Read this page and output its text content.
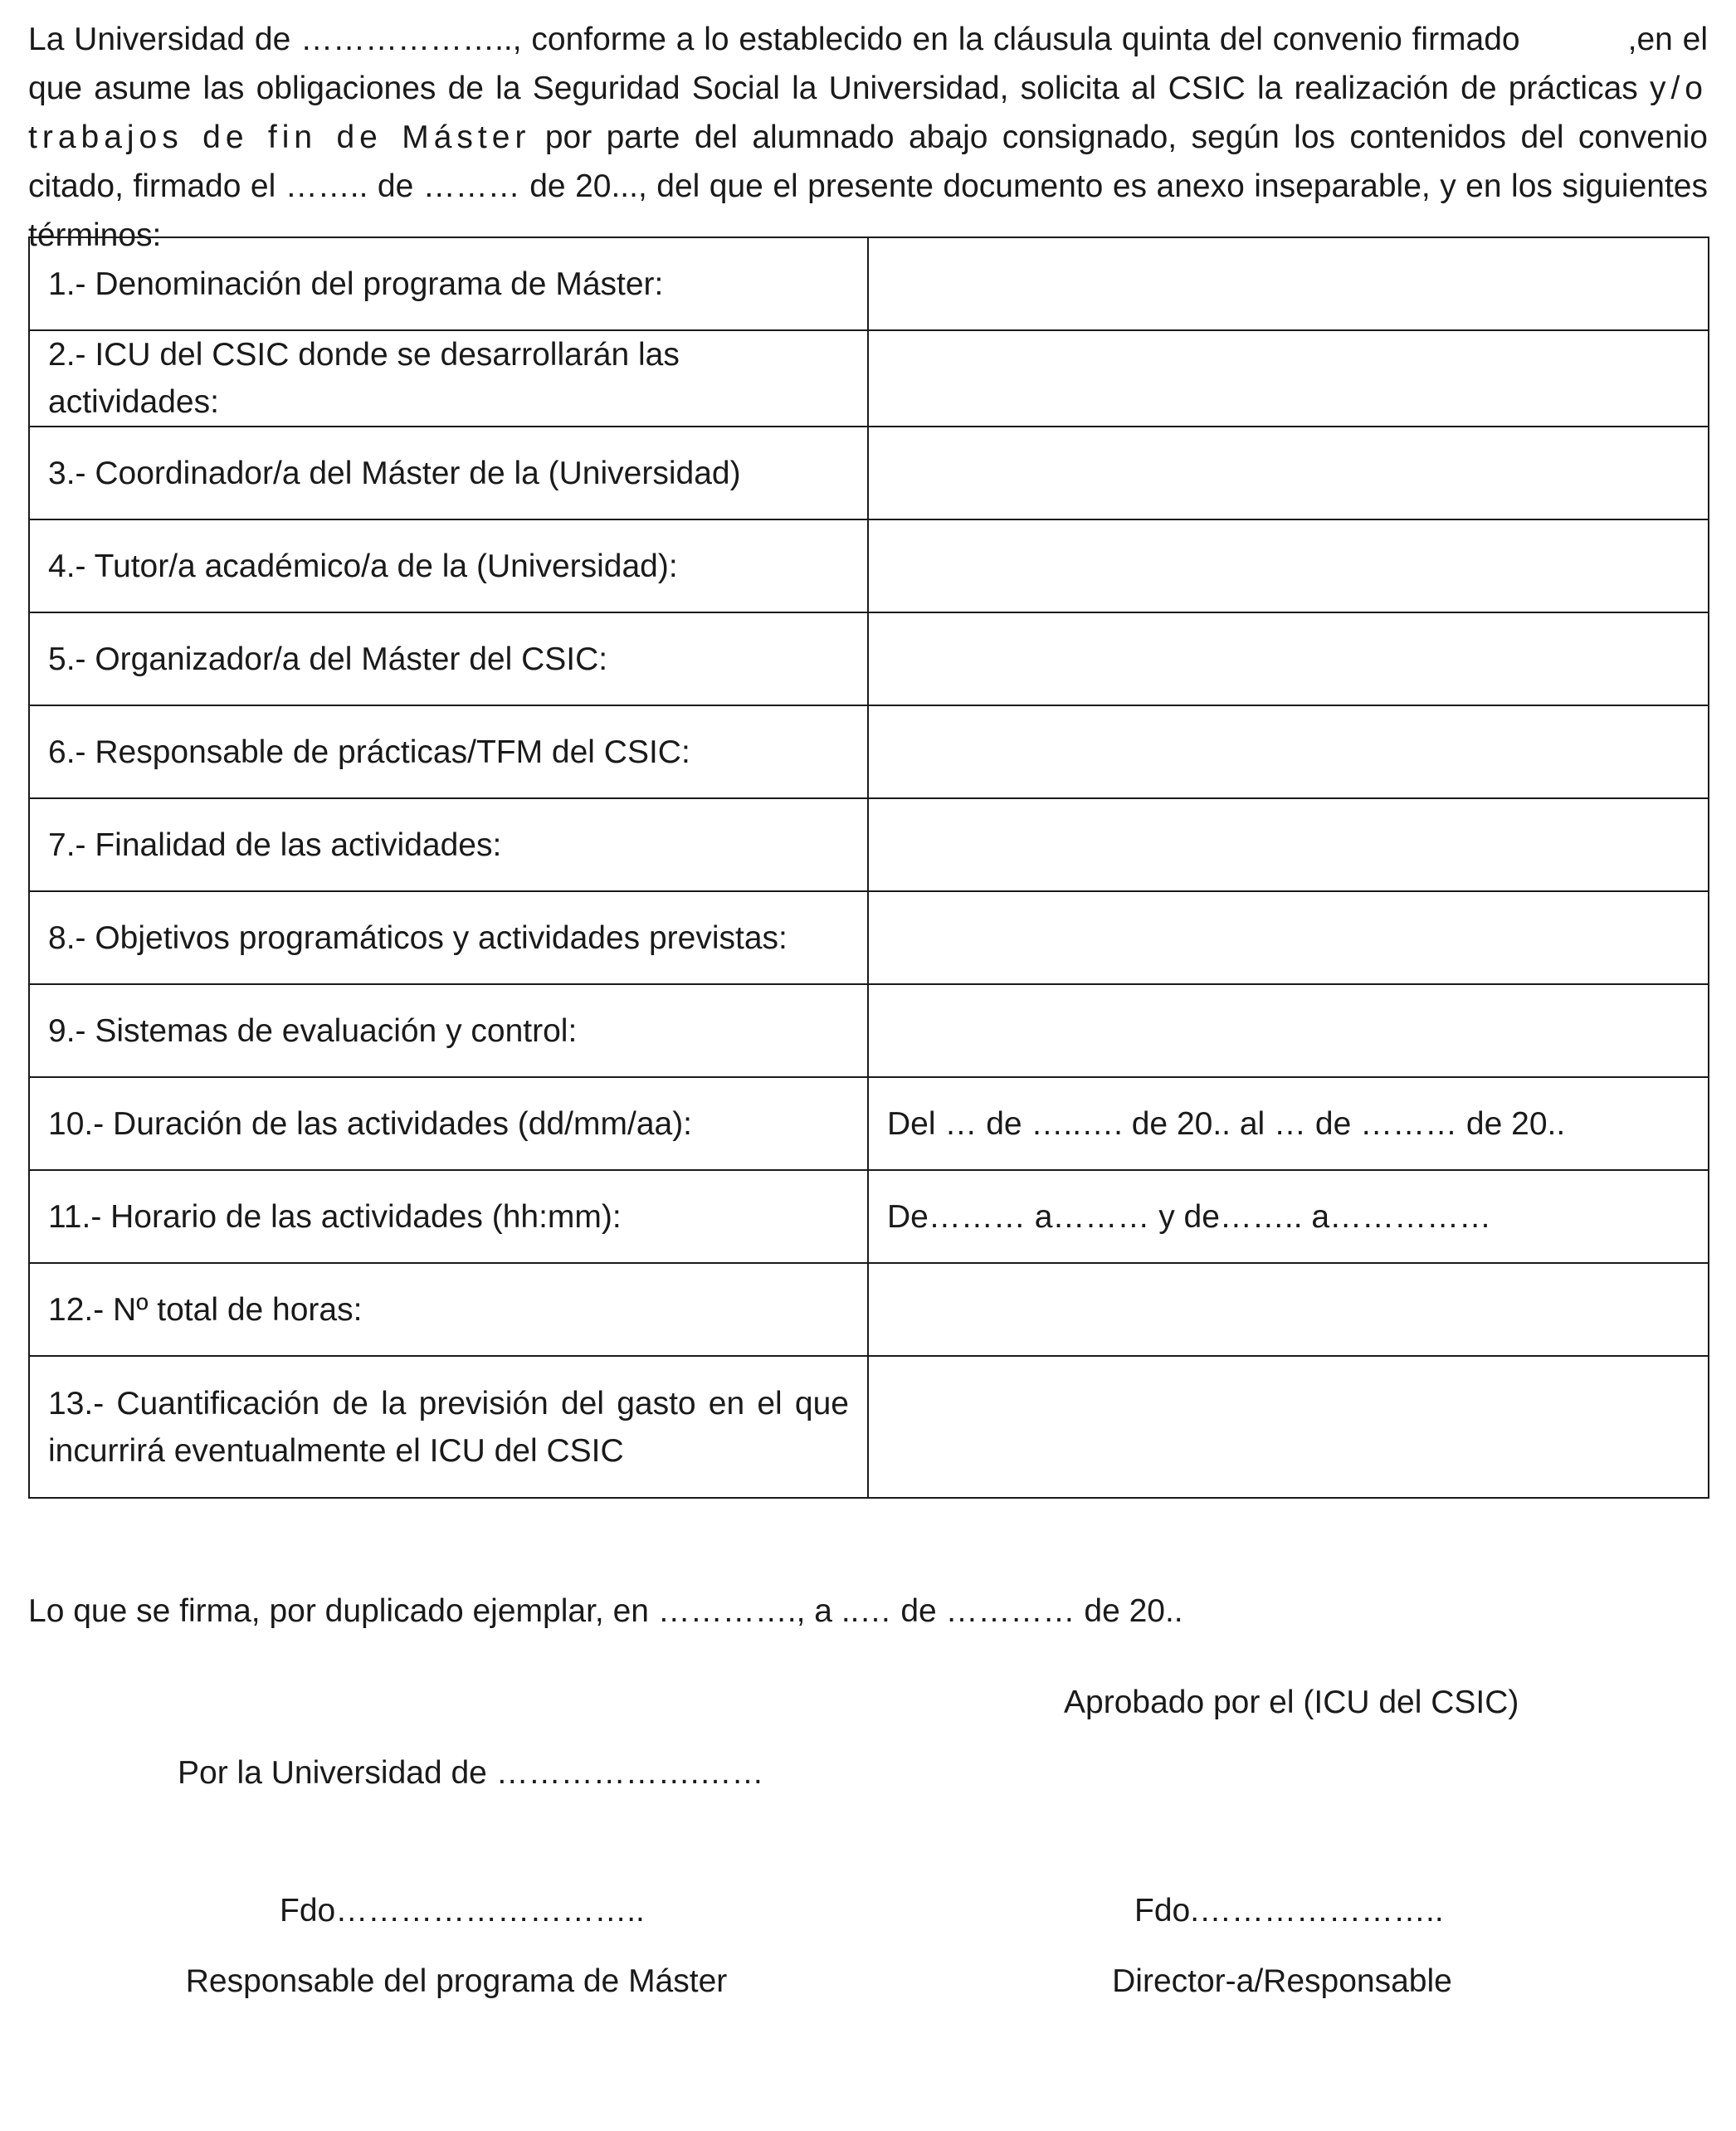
La Universidad de ……………….., conforme a lo establecido en la cláusula quinta del convenio firmado	,en el que asume las obligaciones de la Seguridad Social la Universidad, solicita al CSIC la realización de prácticas y/o trabajos de fin de Máster por parte del alumnado abajo consignado, según los contenidos del convenio citado, firmado el …….. de ……… de 20..., del que el presente documento es anexo inseparable, y en los siguientes términos:
1.- Denominación del programa de Máster:	
2.- ICU del CSIC donde se desarrollarán las actividades:	
3.- Coordinador/a del Máster de la (Universidad)	
4.- Tutor/a académico/a de la (Universidad):	
5.- Organizador/a del Máster del CSIC:	
6.- Responsable de prácticas/TFM del CSIC:	
7.- Finalidad de las actividades:	
8.- Objetivos programáticos y actividades previstas:	
9.- Sistemas de evaluación y control:	
10.- Duración de las actividades (dd/mm/aa):	Del … de …..…. de 20.. al … de ……… de 20..
11.- Horario de las actividades (hh:mm):	De……… a……… y de…….. a……………
12.- Nº total de horas:	
13.- Cuantificación de la previsión del gasto en el que incurrirá eventualmente el ICU del CSIC	
Lo que se firma, por duplicado ejemplar, en …………., a ..… de ………… de 20..
Aprobado por el (ICU del CSIC)
Por la Universidad de ……………….……
Fdo………………………..	Fdo.…………………..
Responsable del programa de Máster	Director-a/Responsable
